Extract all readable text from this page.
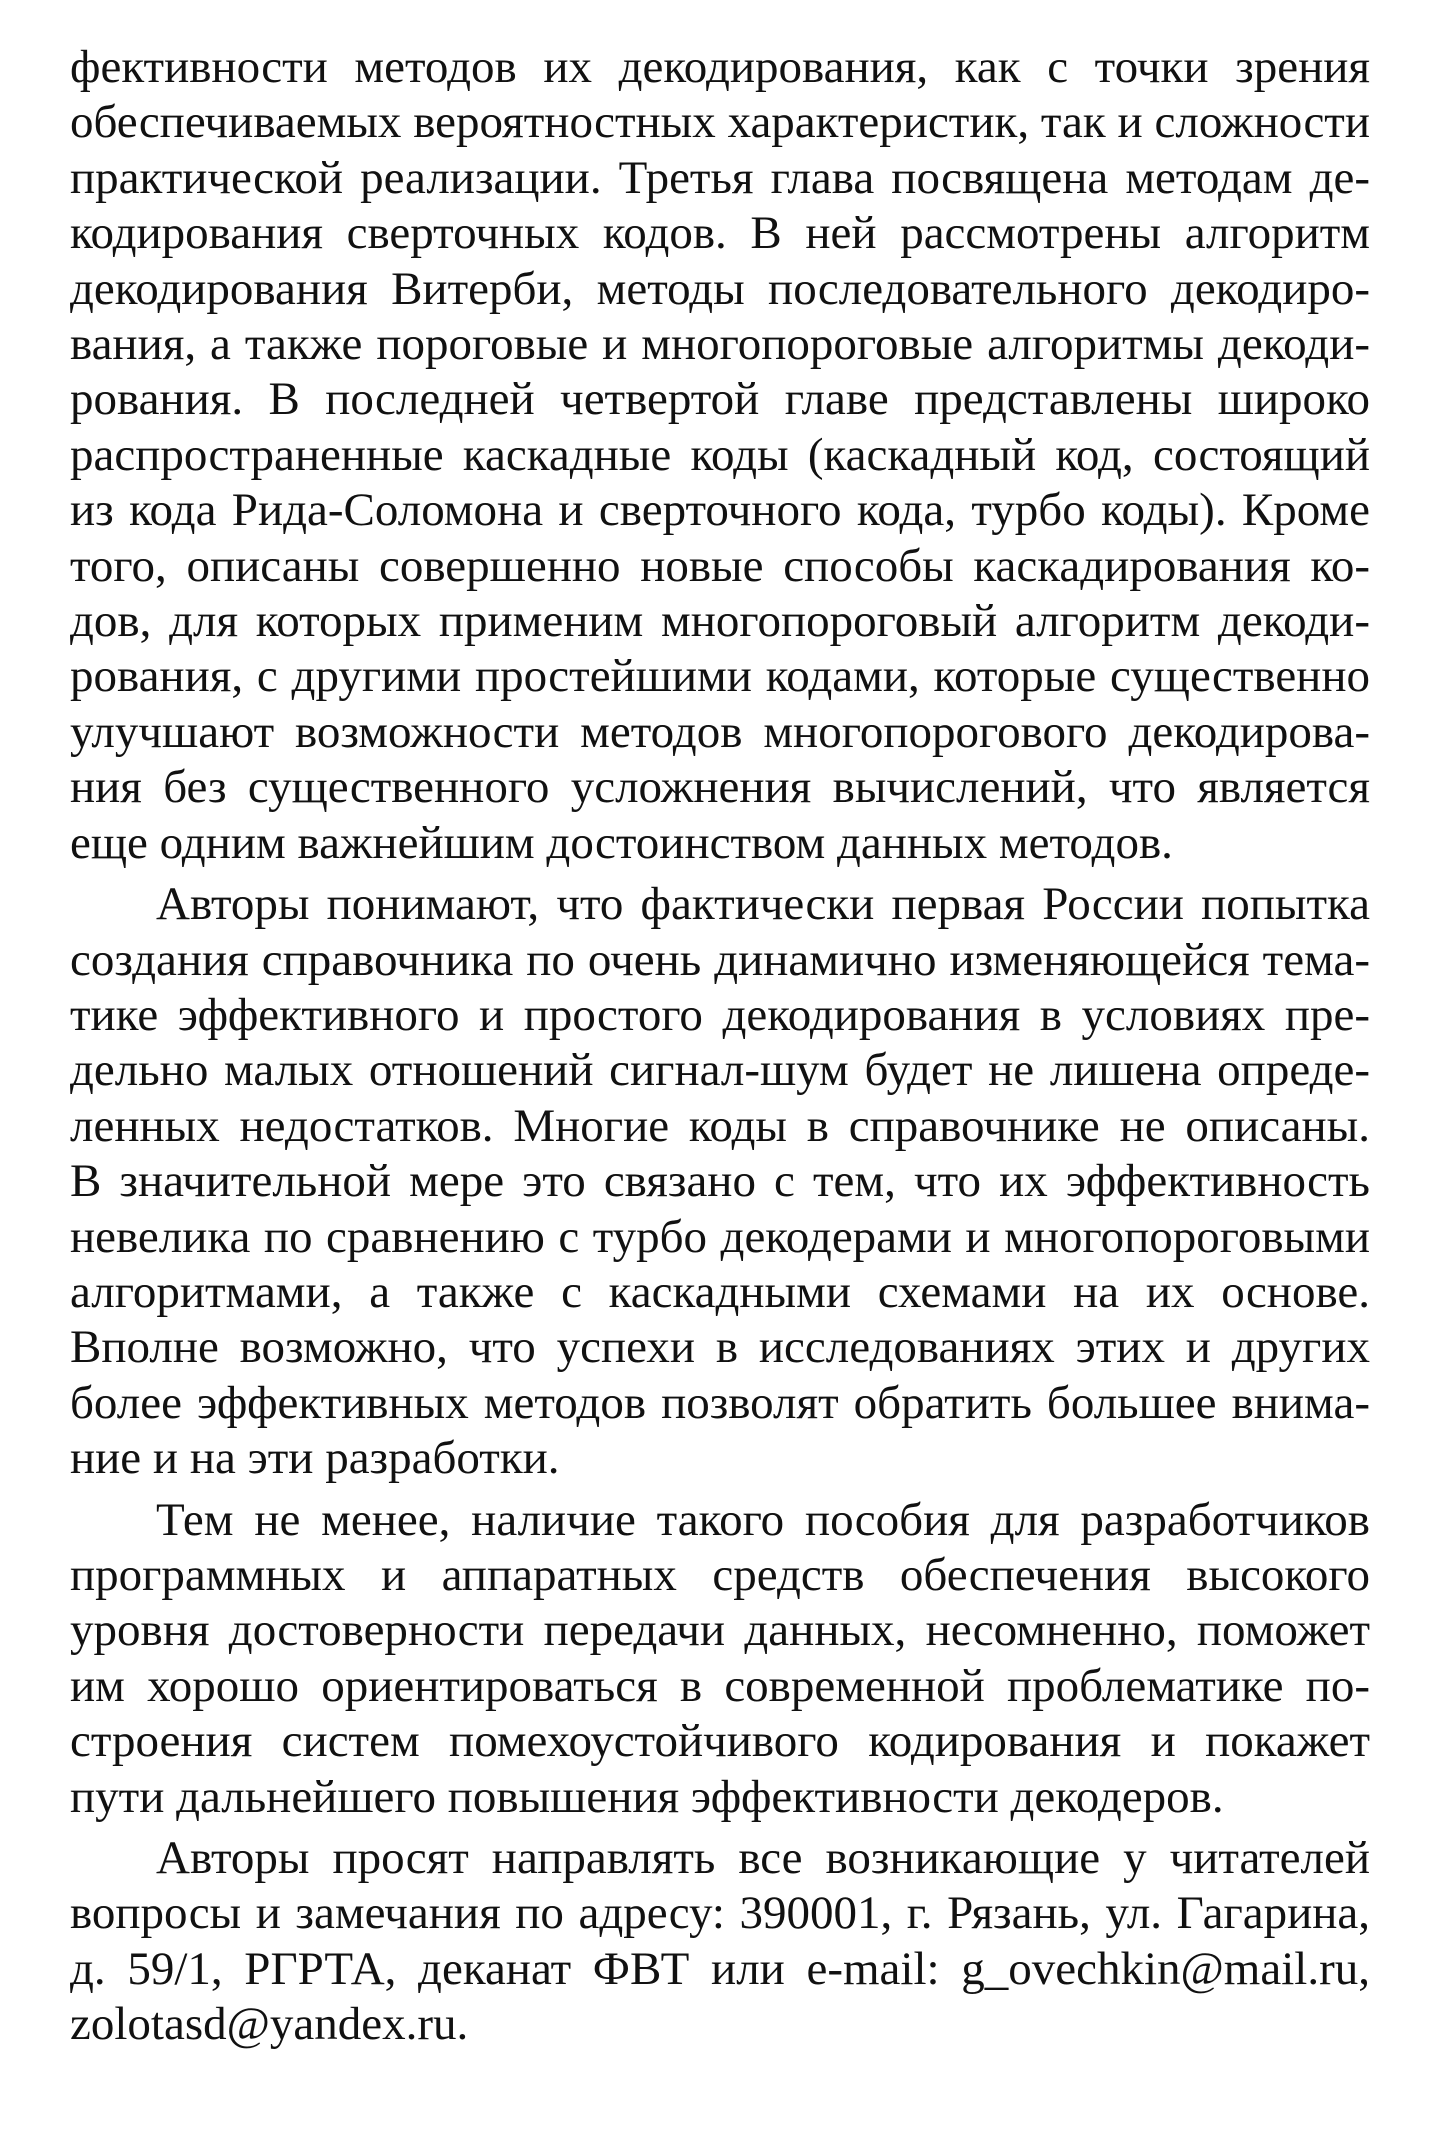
фективности методов их декодирования, как с точки зрения
обеспечиваемых вероятностных характеристик, так и сложности
практической реализации. Третья глава посвящена методам де-
кодирования сверточных кодов. В ней рассмотрены алгоритм
декодирования Витерби, методы последовательного декодиро-
вания, а также пороговые и многопороговые алгоритмы декоди-
рования. В последней четвертой главе представлены широко
распространенные каскадные коды (каскадный код, состоящий
из кода Рида-Соломона и сверточного кода, турбо коды). Кроме
того, описаны совершенно новые способы каскадирования ко-
дов, для которых применим многопороговый алгоритм декоди-
рования, с другими простейшими кодами, которые существенно
улучшают возможности методов многопорогового декодирова-
ния без существенного усложнения вычислений, что является
еще одним важнейшим достоинством данных методов.
Авторы понимают, что фактически первая России попытка
создания справочника по очень динамично изменяющейся тема-
тике эффективного и простого декодирования в условиях пре-
дельно малых отношений сигнал-шум будет не лишена опреде-
ленных недостатков. Многие коды в справочнике не описаны.
В значительной мере это связано с тем, что их эффективность
невелика по сравнению с турбо декодерами и многопороговыми
алгоритмами, а также с каскадными схемами на их основе.
Вполне возможно, что успехи в исследованиях этих и других
более эффективных методов позволят обратить большее внима-
ние и на эти разработки.
Тем не менее, наличие такого пособия для разработчиков
программных и аппаратных средств обеспечения высокого
уровня достоверности передачи данных, несомненно, поможет
им хорошо ориентироваться в современной проблематике по-
строения систем помехоустойчивого кодирования и покажет
пути дальнейшего повышения эффективности декодеров.
Авторы просят направлять все возникающие у читателей
вопросы и замечания по адресу: 390001, г. Рязань, ул. Гагарина,
д. 59/1, РГРТА, деканат ФВТ или e-mail: g_ovechkin@mail.ru,
zolotasd@yandex.ru.
